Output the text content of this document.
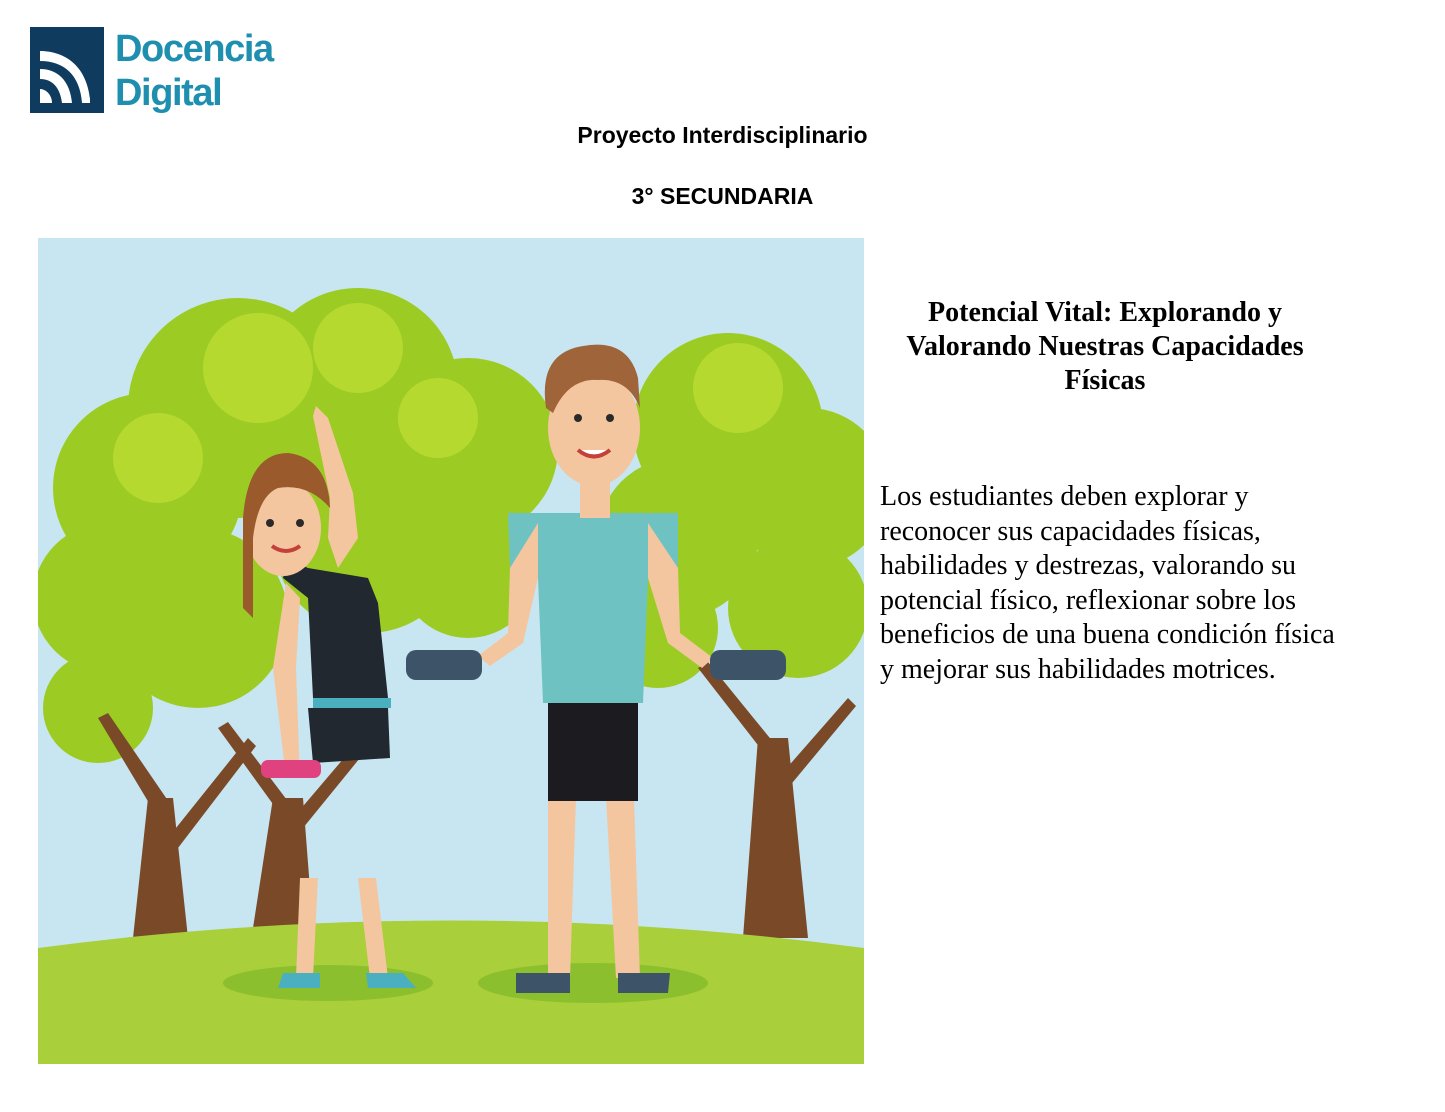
Docencia
Digital
Proyecto Interdisciplinario
3° SECUNDARIA
Potencial Vital: Explorando y Valorando Nuestras Capacidades Físicas
Los estudiantes deben explorar y reconocer sus capacidades físicas, habilidades y destrezas, valorando su potencial físico, reflexionar sobre los beneficios de una buena condición física y mejorar sus habilidades motrices.
